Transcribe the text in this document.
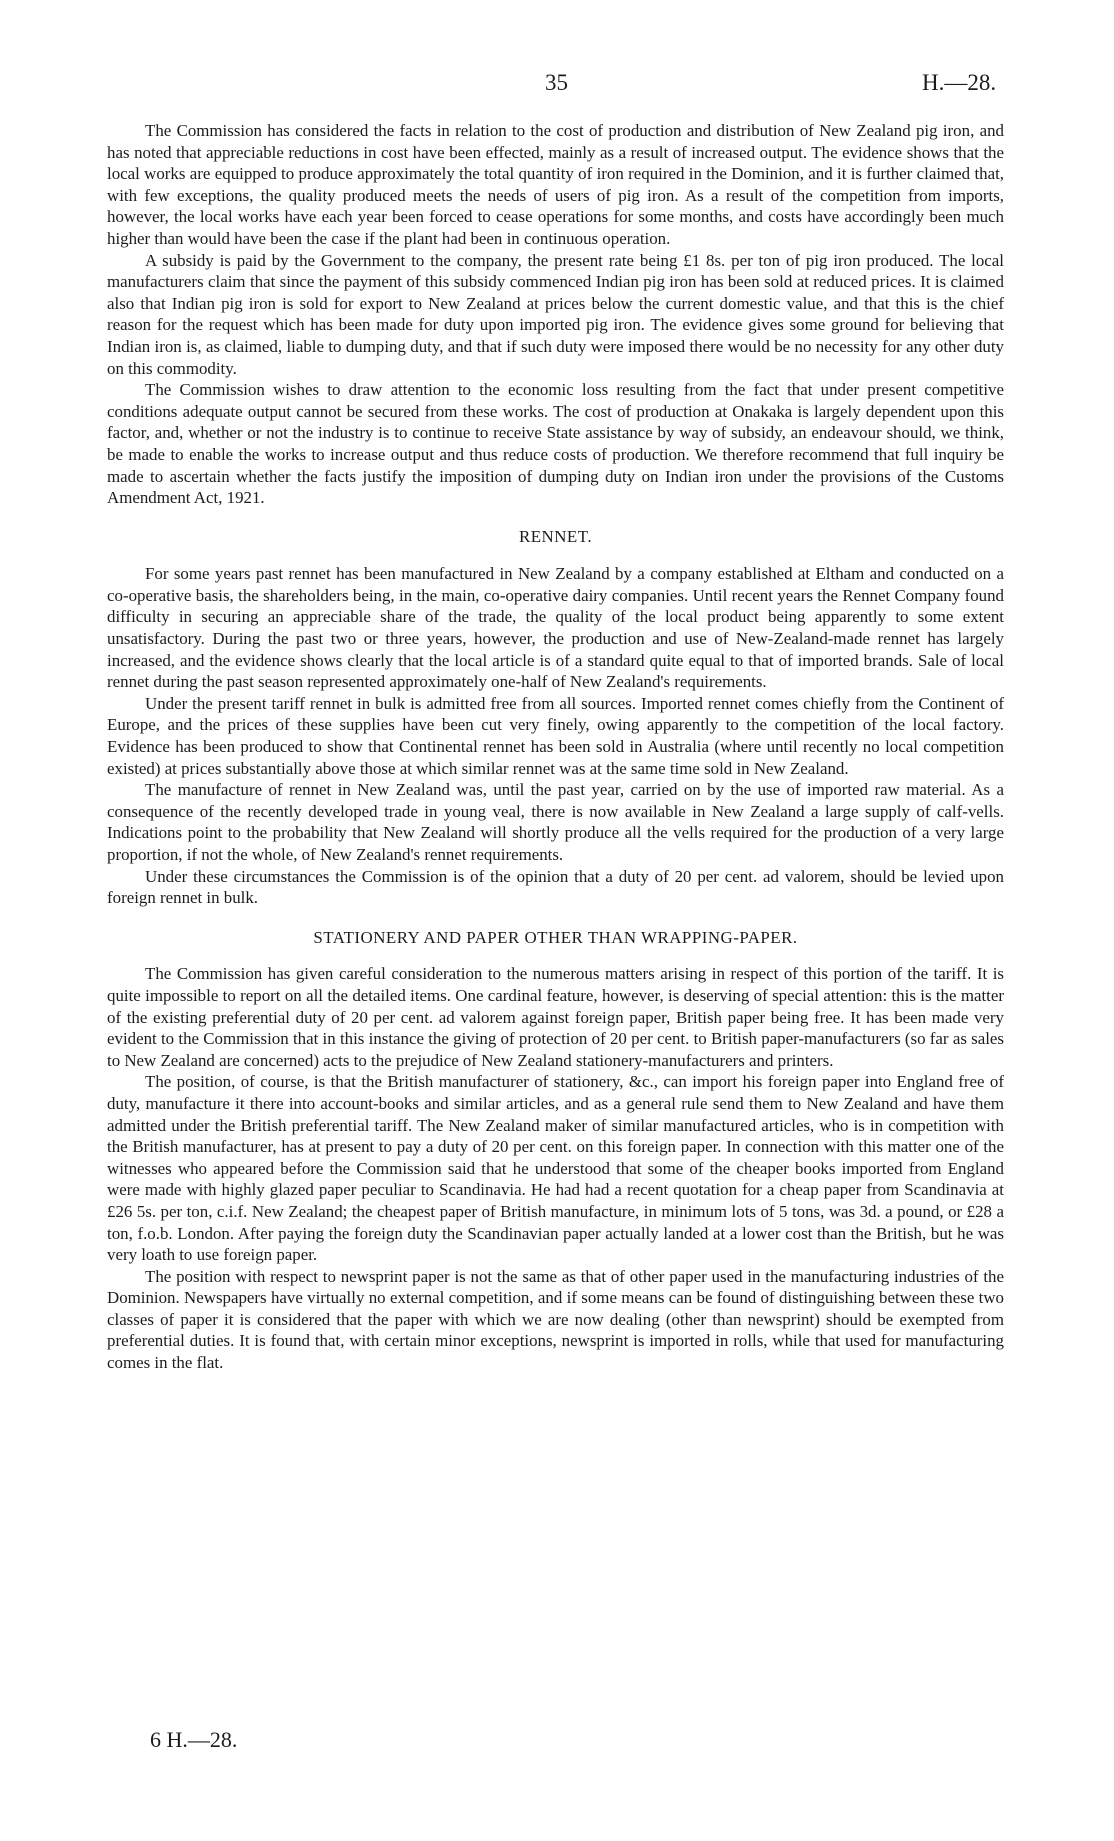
35	H.—28.

The Commission has considered the facts in relation to the cost of production and distribution of New Zealand pig iron, and has noted that appreciable reductions in cost have been effected, mainly as a result of increased output. The evidence shows that the local works are equipped to produce approximately the total quantity of iron required in the Dominion, and it is further claimed that, with few exceptions, the quality produced meets the needs of users of pig iron. As a result of the competition from imports, however, the local works have each year been forced to cease operations for some months, and costs have accordingly been much higher than would have been the case if the plant had been in continuous operation.

A subsidy is paid by the Government to the company, the present rate being £1 8s. per ton of pig iron produced. The local manufacturers claim that since the payment of this subsidy commenced Indian pig iron has been sold at reduced prices. It is claimed also that Indian pig iron is sold for export to New Zealand at prices below the current domestic value, and that this is the chief reason for the request which has been made for duty upon imported pig iron. The evidence gives some ground for believing that Indian iron is, as claimed, liable to dumping duty, and that if such duty were imposed there would be no necessity for any other duty on this commodity.

The Commission wishes to draw attention to the economic loss resulting from the fact that under present competitive conditions adequate output cannot be secured from these works. The cost of production at Onakaka is largely dependent upon this factor, and, whether or not the industry is to continue to receive State assistance by way of subsidy, an endeavour should, we think, be made to enable the works to increase output and thus reduce costs of production. We therefore recommend that full inquiry be made to ascertain whether the facts justify the imposition of dumping duty on Indian iron under the provisions of the Customs Amendment Act, 1921.

RENNET.

For some years past rennet has been manufactured in New Zealand by a company established at Eltham and conducted on a co-operative basis, the shareholders being, in the main, co-operative dairy companies. Until recent years the Rennet Company found difficulty in securing an appreciable share of the trade, the quality of the local product being apparently to some extent unsatisfactory. During the past two or three years, however, the production and use of New-Zealand-made rennet has largely increased, and the evidence shows clearly that the local article is of a standard quite equal to that of imported brands. Sale of local rennet during the past season represented approximately one-half of New Zealand's requirements.

Under the present tariff rennet in bulk is admitted free from all sources. Imported rennet comes chiefly from the Continent of Europe, and the prices of these supplies have been cut very finely, owing apparently to the competition of the local factory. Evidence has been produced to show that Continental rennet has been sold in Australia (where until recently no local competition existed) at prices substantially above those at which similar rennet was at the same time sold in New Zealand.

The manufacture of rennet in New Zealand was, until the past year, carried on by the use of imported raw material. As a consequence of the recently developed trade in young veal, there is now available in New Zealand a large supply of calf-vells. Indications point to the probability that New Zealand will shortly produce all the vells required for the production of a very large proportion, if not the whole, of New Zealand's rennet requirements.

Under these circumstances the Commission is of the opinion that a duty of 20 per cent. ad valorem, should be levied upon foreign rennet in bulk.

STATIONERY AND PAPER OTHER THAN WRAPPING-PAPER.

The Commission has given careful consideration to the numerous matters arising in respect of this portion of the tariff. It is quite impossible to report on all the detailed items. One cardinal feature, however, is deserving of special attention: this is the matter of the existing preferential duty of 20 per cent. ad valorem against foreign paper, British paper being free. It has been made very evident to the Commission that in this instance the giving of protection of 20 per cent. to British paper-manufacturers (so far as sales to New Zealand are concerned) acts to the prejudice of New Zealand stationery-manufacturers and printers.

The position, of course, is that the British manufacturer of stationery, &c., can import his foreign paper into England free of duty, manufacture it there into account-books and similar articles, and as a general rule send them to New Zealand and have them admitted under the British preferential tariff. The New Zealand maker of similar manufactured articles, who is in competition with the British manufacturer, has at present to pay a duty of 20 per cent. on this foreign paper. In connection with this matter one of the witnesses who appeared before the Commission said that he understood that some of the cheaper books imported from England were made with highly glazed paper peculiar to Scandinavia. He had had a recent quotation for a cheap paper from Scandinavia at £26 5s. per ton, c.i.f. New Zealand; the cheapest paper of British manufacture, in minimum lots of 5 tons, was 3d. a pound, or £28 a ton, f.o.b. London. After paying the foreign duty the Scandinavian paper actually landed at a lower cost than the British, but he was very loath to use foreign paper.

The position with respect to newsprint paper is not the same as that of other paper used in the manufacturing industries of the Dominion. Newspapers have virtually no external competition, and if some means can be found of distinguishing between these two classes of paper it is considered that the paper with which we are now dealing (other than newsprint) should be exempted from preferential duties. It is found that, with certain minor exceptions, newsprint is imported in rolls, while that used for manufacturing comes in the flat.

6 H.—28.
